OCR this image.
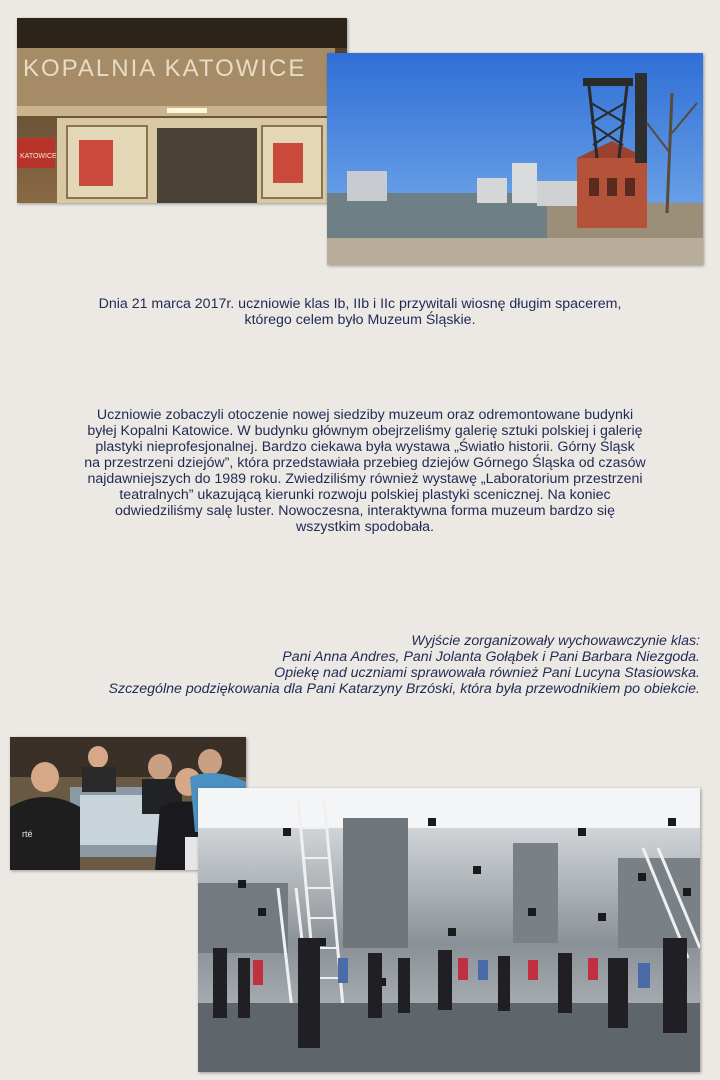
KOPALNIA KATOWICE
KATOWICE

Dnia 21 marca 2017r. uczniowie klas Ib, IIb i IIc przywitali wiosnę długim spacerem,
którego celem było Muzeum Śląskie.

Uczniowie zobaczyli otoczenie nowej siedziby muzeum oraz odremontowane budynki
byłej Kopalni Katowice. W budynku głównym obejrzeliśmy galerię sztuki polskiej i galerię
plastyki nieprofesjonalnej. Bardzo ciekawa była wystawa „Światło historii. Górny Śląsk
na przestrzeni dziejów”, która przedstawiała przebieg dziejów Górnego Śląska od czasów
najdawniejszych do 1989 roku. Zwiedziliśmy również wystawę „Laboratorium przestrzeni
teatralnych” ukazującą kierunki rozwoju polskiej plastyki scenicznej. Na koniec
odwiedziliśmy salę luster. Nowoczesna, interaktywna forma muzeum bardzo się
wszystkim spodobała.

Wyjście zorganizowały wychowawczynie klas:
Pani Anna Andres, Pani Jolanta Gołąbek i Pani Barbara Niezgoda.
Opiekę nad uczniami sprawowała również Pani Lucyna Stasiowska.
Szczególne podziękowania dla Pani Katarzyny Brzóski, która była przewodnikiem po obiekcie.

rté
